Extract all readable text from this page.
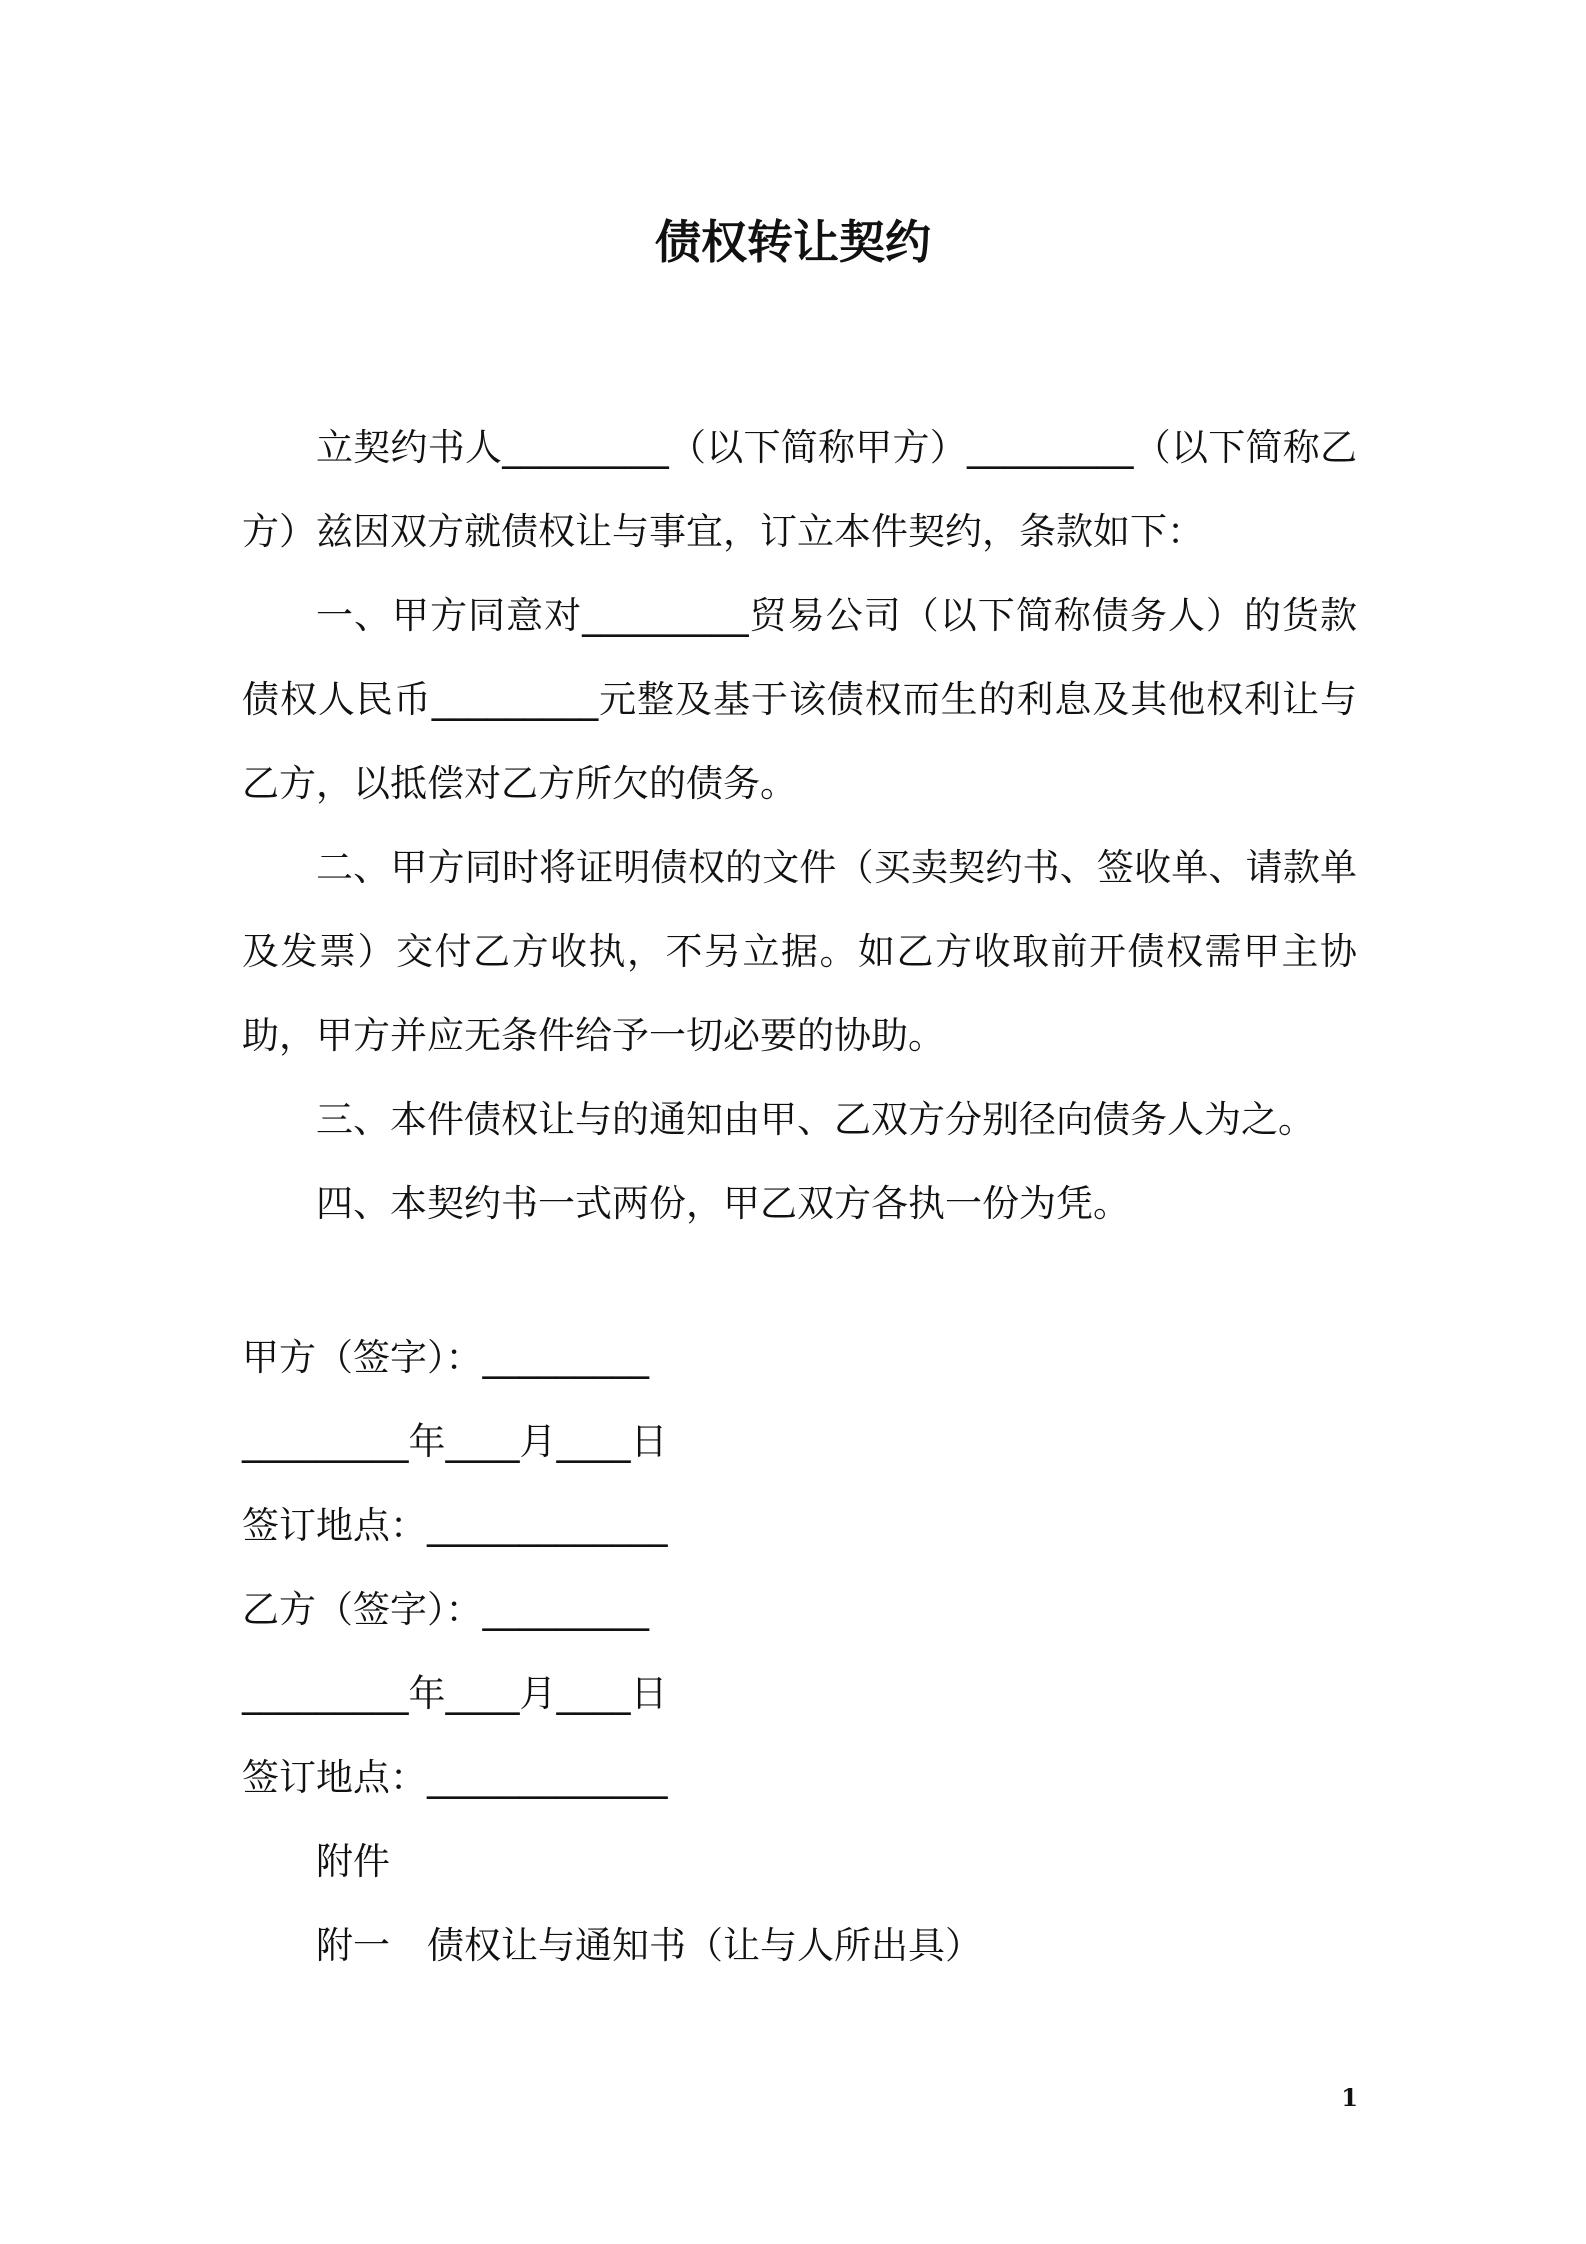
债权转让契约

立契约书人_________（以下简称甲方）_________（以下简称乙方）兹因双方就债权让与事宜，订立本件契约，条款如下：

一、甲方同意对_________贸易公司（以下简称债务人）的货款债权人民币_________元整及基于该债权而生的利息及其他权利让与乙方，以抵偿对乙方所欠的债务。

二、甲方同时将证明债权的文件（买卖契约书、签收单、请款单及发票）交付乙方收执，不另立据。如乙方收取前开债权需甲主协助，甲方并应无条件给予一切必要的协助。

三、本件债权让与的通知由甲、乙双方分别径向债务人为之。

四、本契约书一式两份，甲乙双方各执一份为凭。

甲方（签字）：_________

_________年____月____日

签订地点：_____________

乙方（签字）：_________

_________年____月____日

签订地点：_____________

附件

附一　债权让与通知书（让与人所出具）

1
